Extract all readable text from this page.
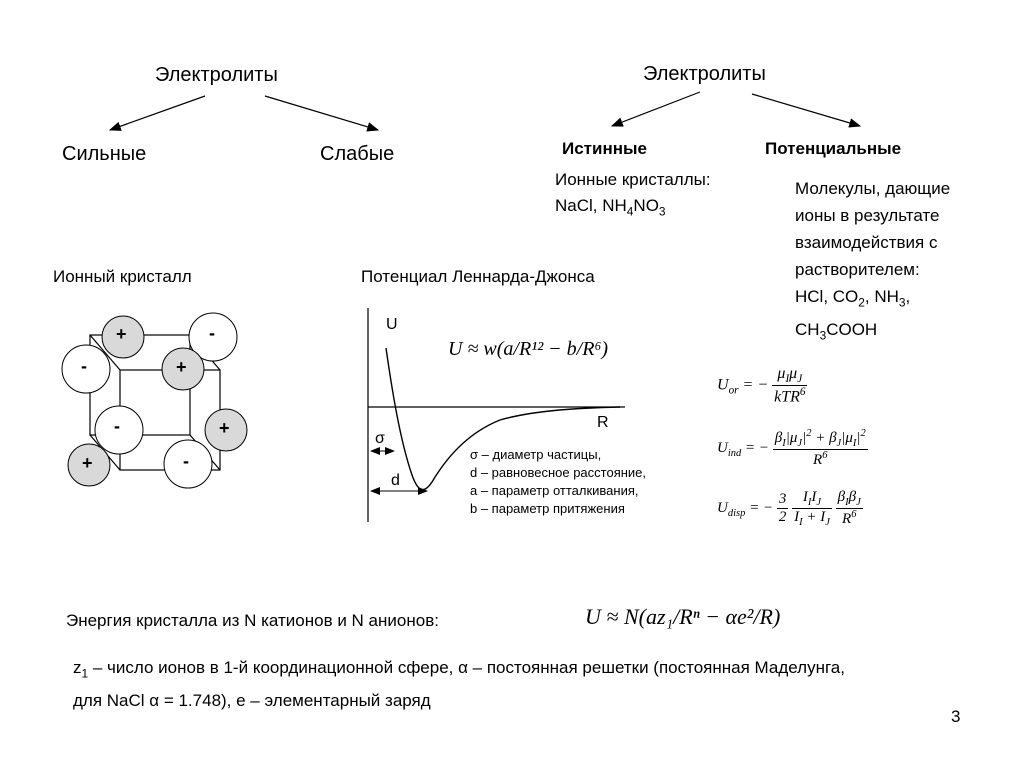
Электролиты
Сильные	Слабые
Электролиты
Истинные	Потенциальные
Ионные кристаллы:
NaCl, $NH_4NO_3$
Молекулы, дающие
ионы в результате
взаимодействия с
растворителем:
HCl, $CO_2$, $NH_3$,
$CH_3COOH$
Ионный кристалл
+	-
-	+
-	+
+	-
Потенциал Леннарда-Джонса
U
R
σ
d
U ≈ w(a/R¹² − b/R⁶)
σ – диаметр частицы,
d – равновесное расстояние,
a – параметр отталкивания,
b – параметр притяжения
$U_{or}$ = − $\frac{\mu_I\mu_J}{kTR^6}$
$U_{ind}$ = − $\frac{\beta_I|\mu_J|^2 + \beta_J|\mu_I|^2}{R^6}$
$U_{disp}$ = − $\frac{3}{2}$
$\frac{I_II_J}{I_I + I_J}$
$\frac{\beta_I\beta_J}{R^6}$
Энергия кристалла из N катионов и N анионов:	U ≈ N(az₁/Rⁿ − αe²/R)
$z_1$ – число ионов в 1-й координационной сфере, α – постоянная решетки (постоянная Маделунга,
для NaCl α = 1.748), e – элементарный заряд
3
